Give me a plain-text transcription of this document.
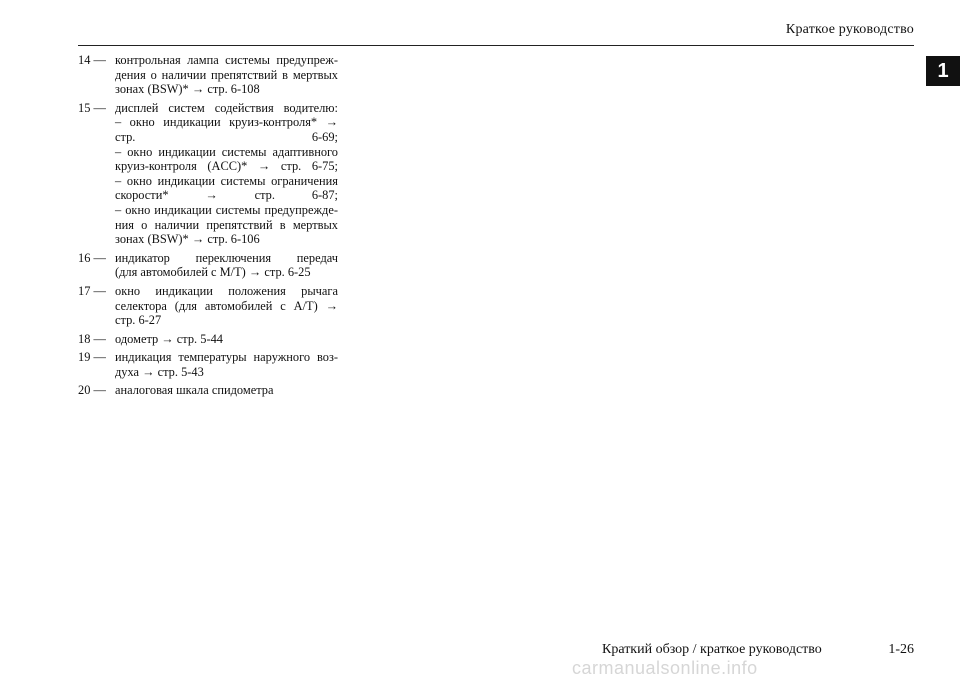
Краткое руководство
1
14 — контрольная лампа системы предупреж-
дения о наличии препятствий в мертвых
зонах (BSW)* → стр. 6-108
15 — дисплей систем содействия водителю:
– окно индикации круиз-контроля* →
стр. 6-69;
– окно индикации системы адаптивного
круиз-контроля (ACC)* → стр. 6-75;
– окно индикации системы ограничения
скорости* → стр. 6-87;
– окно индикации системы предупрежде-
ния о наличии препятствий в мертвых
зонах (BSW)* → стр. 6-106
16 — индикатор переключения передач
(для автомобилей с M/T) → стр. 6-25
17 — окно индикации положения рычага
селектора (для автомобилей с A/T) →
стр. 6-27
18 — одометр → стр. 5-44
19 — индикация температуры наружного воз-
духа → стр. 5-43
20 — аналоговая шкала спидометра
Краткий обзор / краткое руководство	1-26
carmanualsonline.info
